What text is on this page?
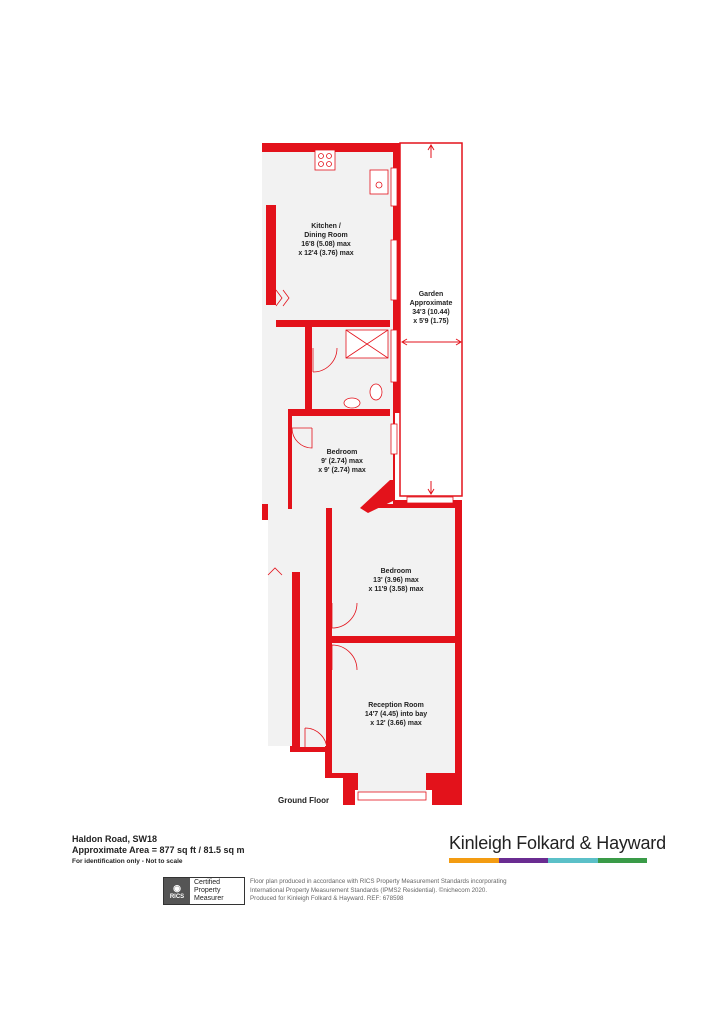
Kitchen /
Dining Room
16'8 (5.08) max
x 12'4 (3.76) max
Garden
Approximate
34'3 (10.44)
x 5'9 (1.75)
Bedroom
9' (2.74) max
x 9' (2.74) max
Bedroom
13' (3.96) max
x 11'9 (3.58) max
Reception Room
14'7 (4.45) into bay
x 12' (3.66) max
Ground Floor
Haldon Road, SW18
Approximate Area = 877 sq ft / 81.5 sq m
For identification only - Not to scale
Kinleigh Folkard & Hayward
◉
RICS
Certified
Property
Measurer
Floor plan produced in accordance with RICS Property Measurement Standards incorporating
International Property Measurement Standards (IPMS2 Residential). ©nichecom 2020.
Produced for Kinleigh Folkard & Hayward. REF: 678598
